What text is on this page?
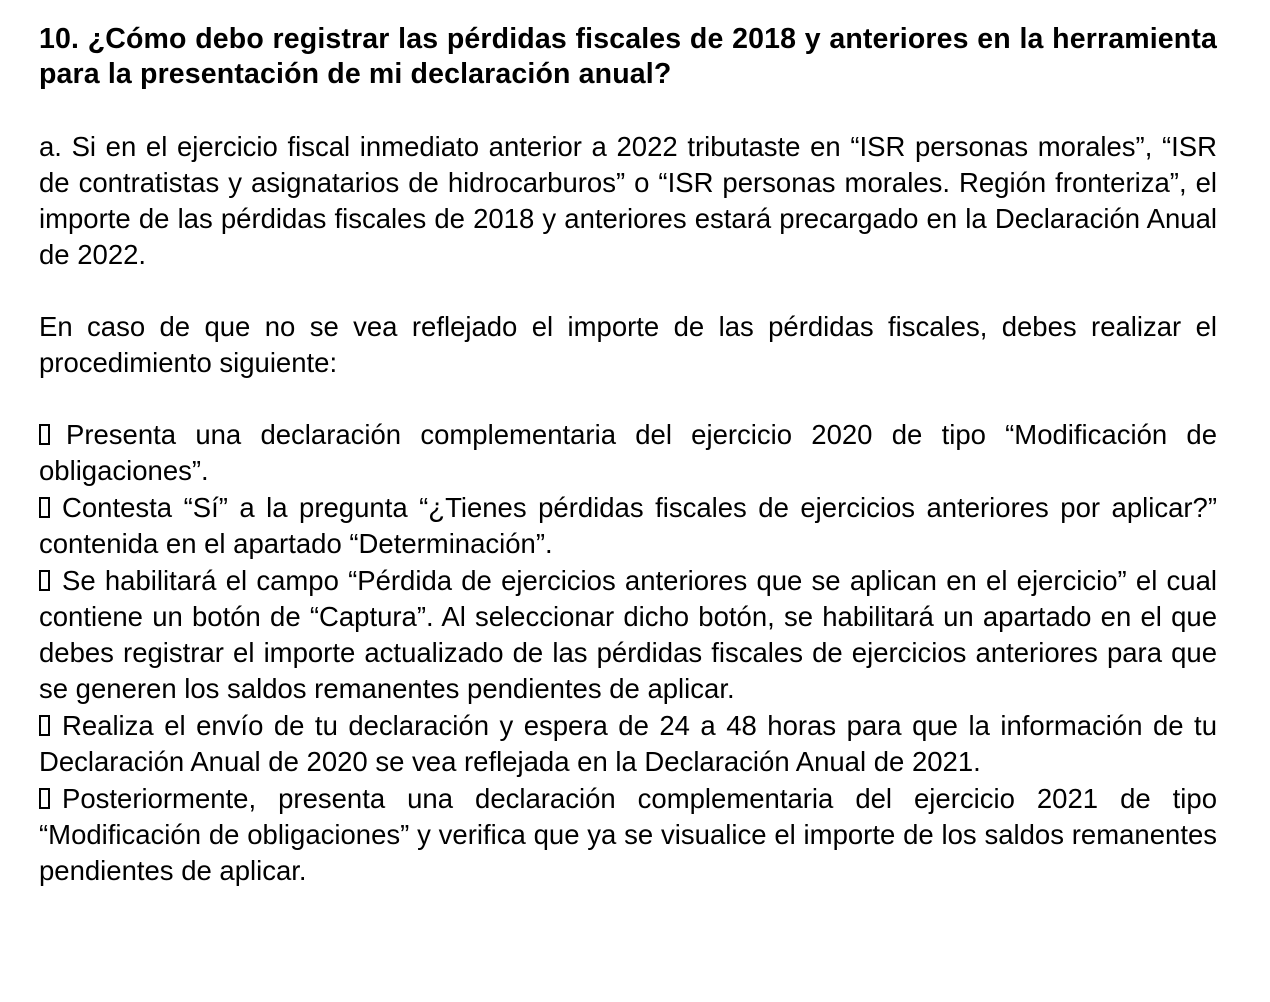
10. ¿Cómo debo registrar las pérdidas fiscales de 2018 y anteriores en la herramienta para la presentación de mi declaración anual?

a. Si en el ejercicio fiscal inmediato anterior a 2022 tributaste en “ISR personas morales”, “ISR de contratistas y asignatarios de hidrocarburos” o “ISR personas morales. Región fronteriza”, el importe de las pérdidas fiscales de 2018 y anteriores estará precargado en la Declaración Anual de 2022.

En caso de que no se vea reflejado el importe de las pérdidas fiscales, debes realizar el procedimiento siguiente:

Presenta una declaración complementaria del ejercicio 2020 de tipo “Modificación de obligaciones”.
Contesta “Sí” a la pregunta “¿Tienes pérdidas fiscales de ejercicios anteriores por aplicar?” contenida en el apartado “Determinación”.
Se habilitará el campo “Pérdida de ejercicios anteriores que se aplican en el ejercicio” el cual contiene un botón de “Captura”. Al seleccionar dicho botón, se habilitará un apartado en el que debes registrar el importe actualizado de las pérdidas fiscales de ejercicios anteriores para que se generen los saldos remanentes pendientes de aplicar.
Realiza el envío de tu declaración y espera de 24 a 48 horas para que la información de tu Declaración Anual de 2020 se vea reflejada en la Declaración Anual de 2021.
Posteriormente, presenta una declaración complementaria del ejercicio 2021 de tipo “Modificación de obligaciones” y verifica que ya se visualice el importe de los saldos remanentes pendientes de aplicar.
